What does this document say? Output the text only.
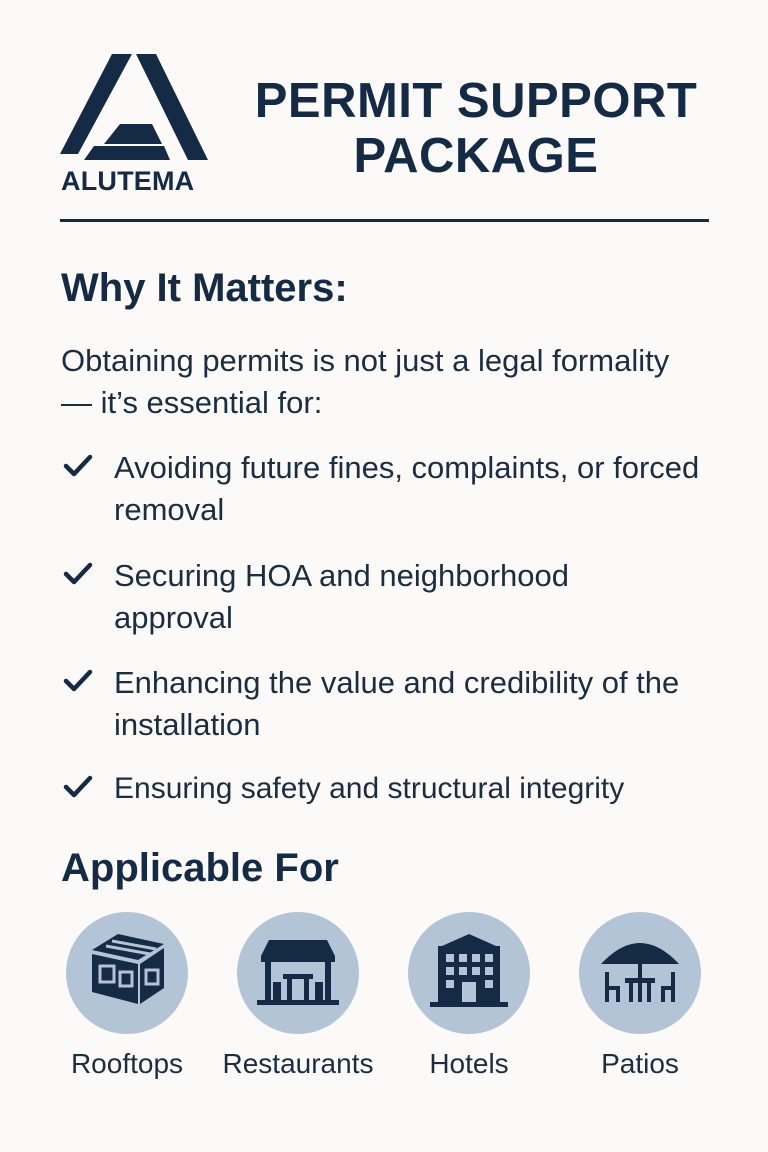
ALUTEMA
PERMIT SUPPORT PACKAGE
Why It Matters:

Obtaining permits is not just a legal formality — it’s essential for:

Avoiding future fines, complaints, or forced removal
Securing HOA and neighborhood approval
Enhancing the value and credibility of the installation
Ensuring safety and structural integrity
Applicable For
Rooftops	Restaurants	Hotels	Patios
